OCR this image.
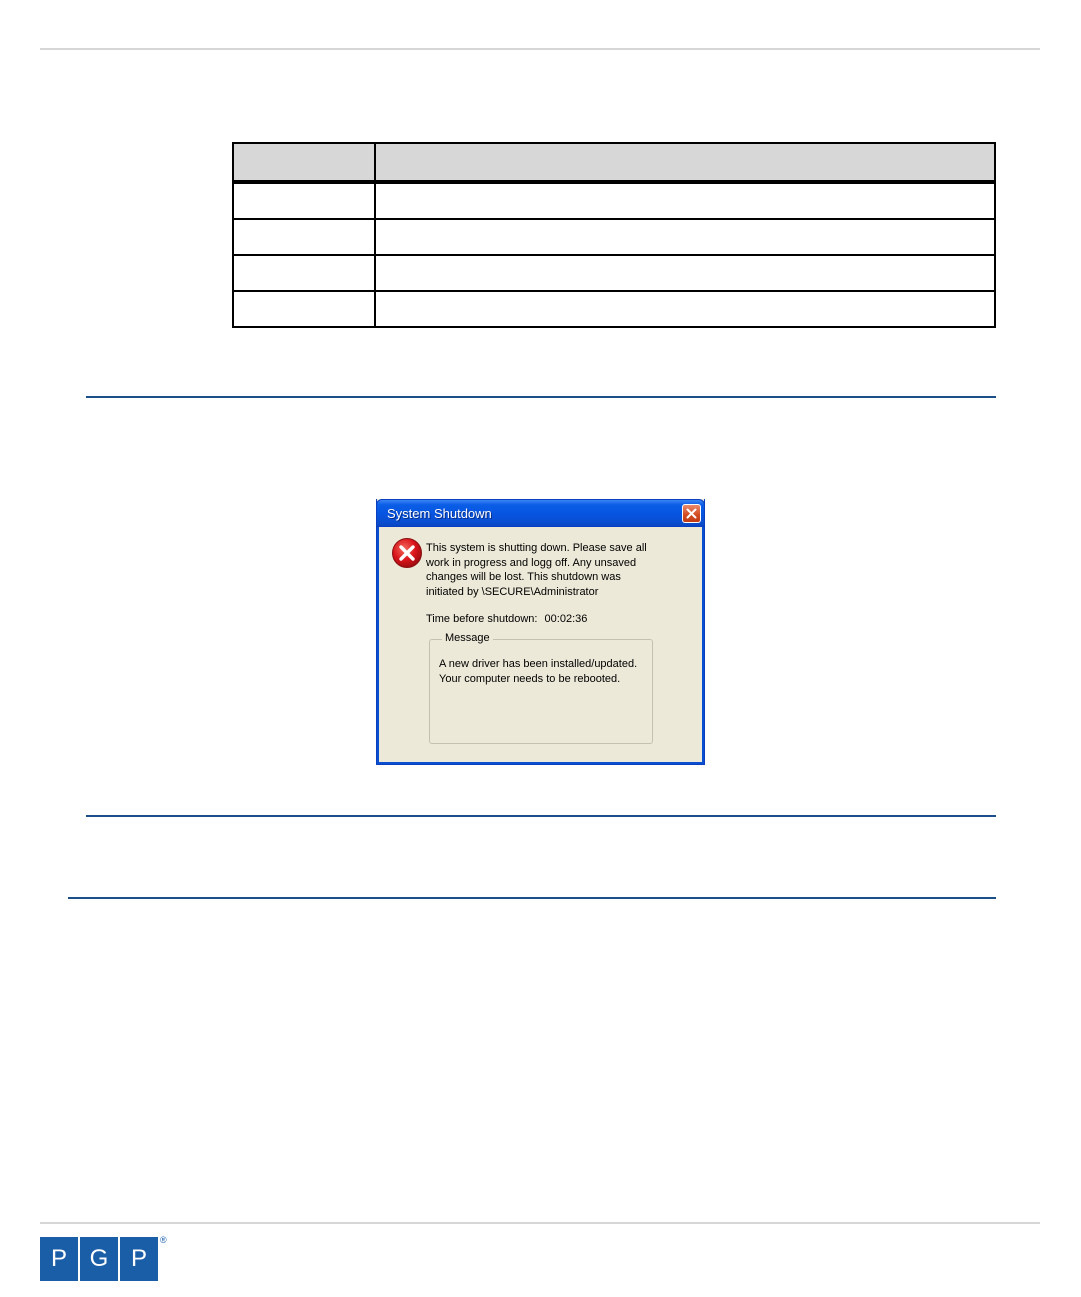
System Shutdown
This system is shutting down. Please save all
work in progress and logg off. Any unsaved
changes will be lost. This shutdown was
initiated by \SECURE\Administrator
Time before shutdown: 00:02:36
Message
A new driver has been installed/updated.
Your computer needs to be rebooted.
P G P
®
